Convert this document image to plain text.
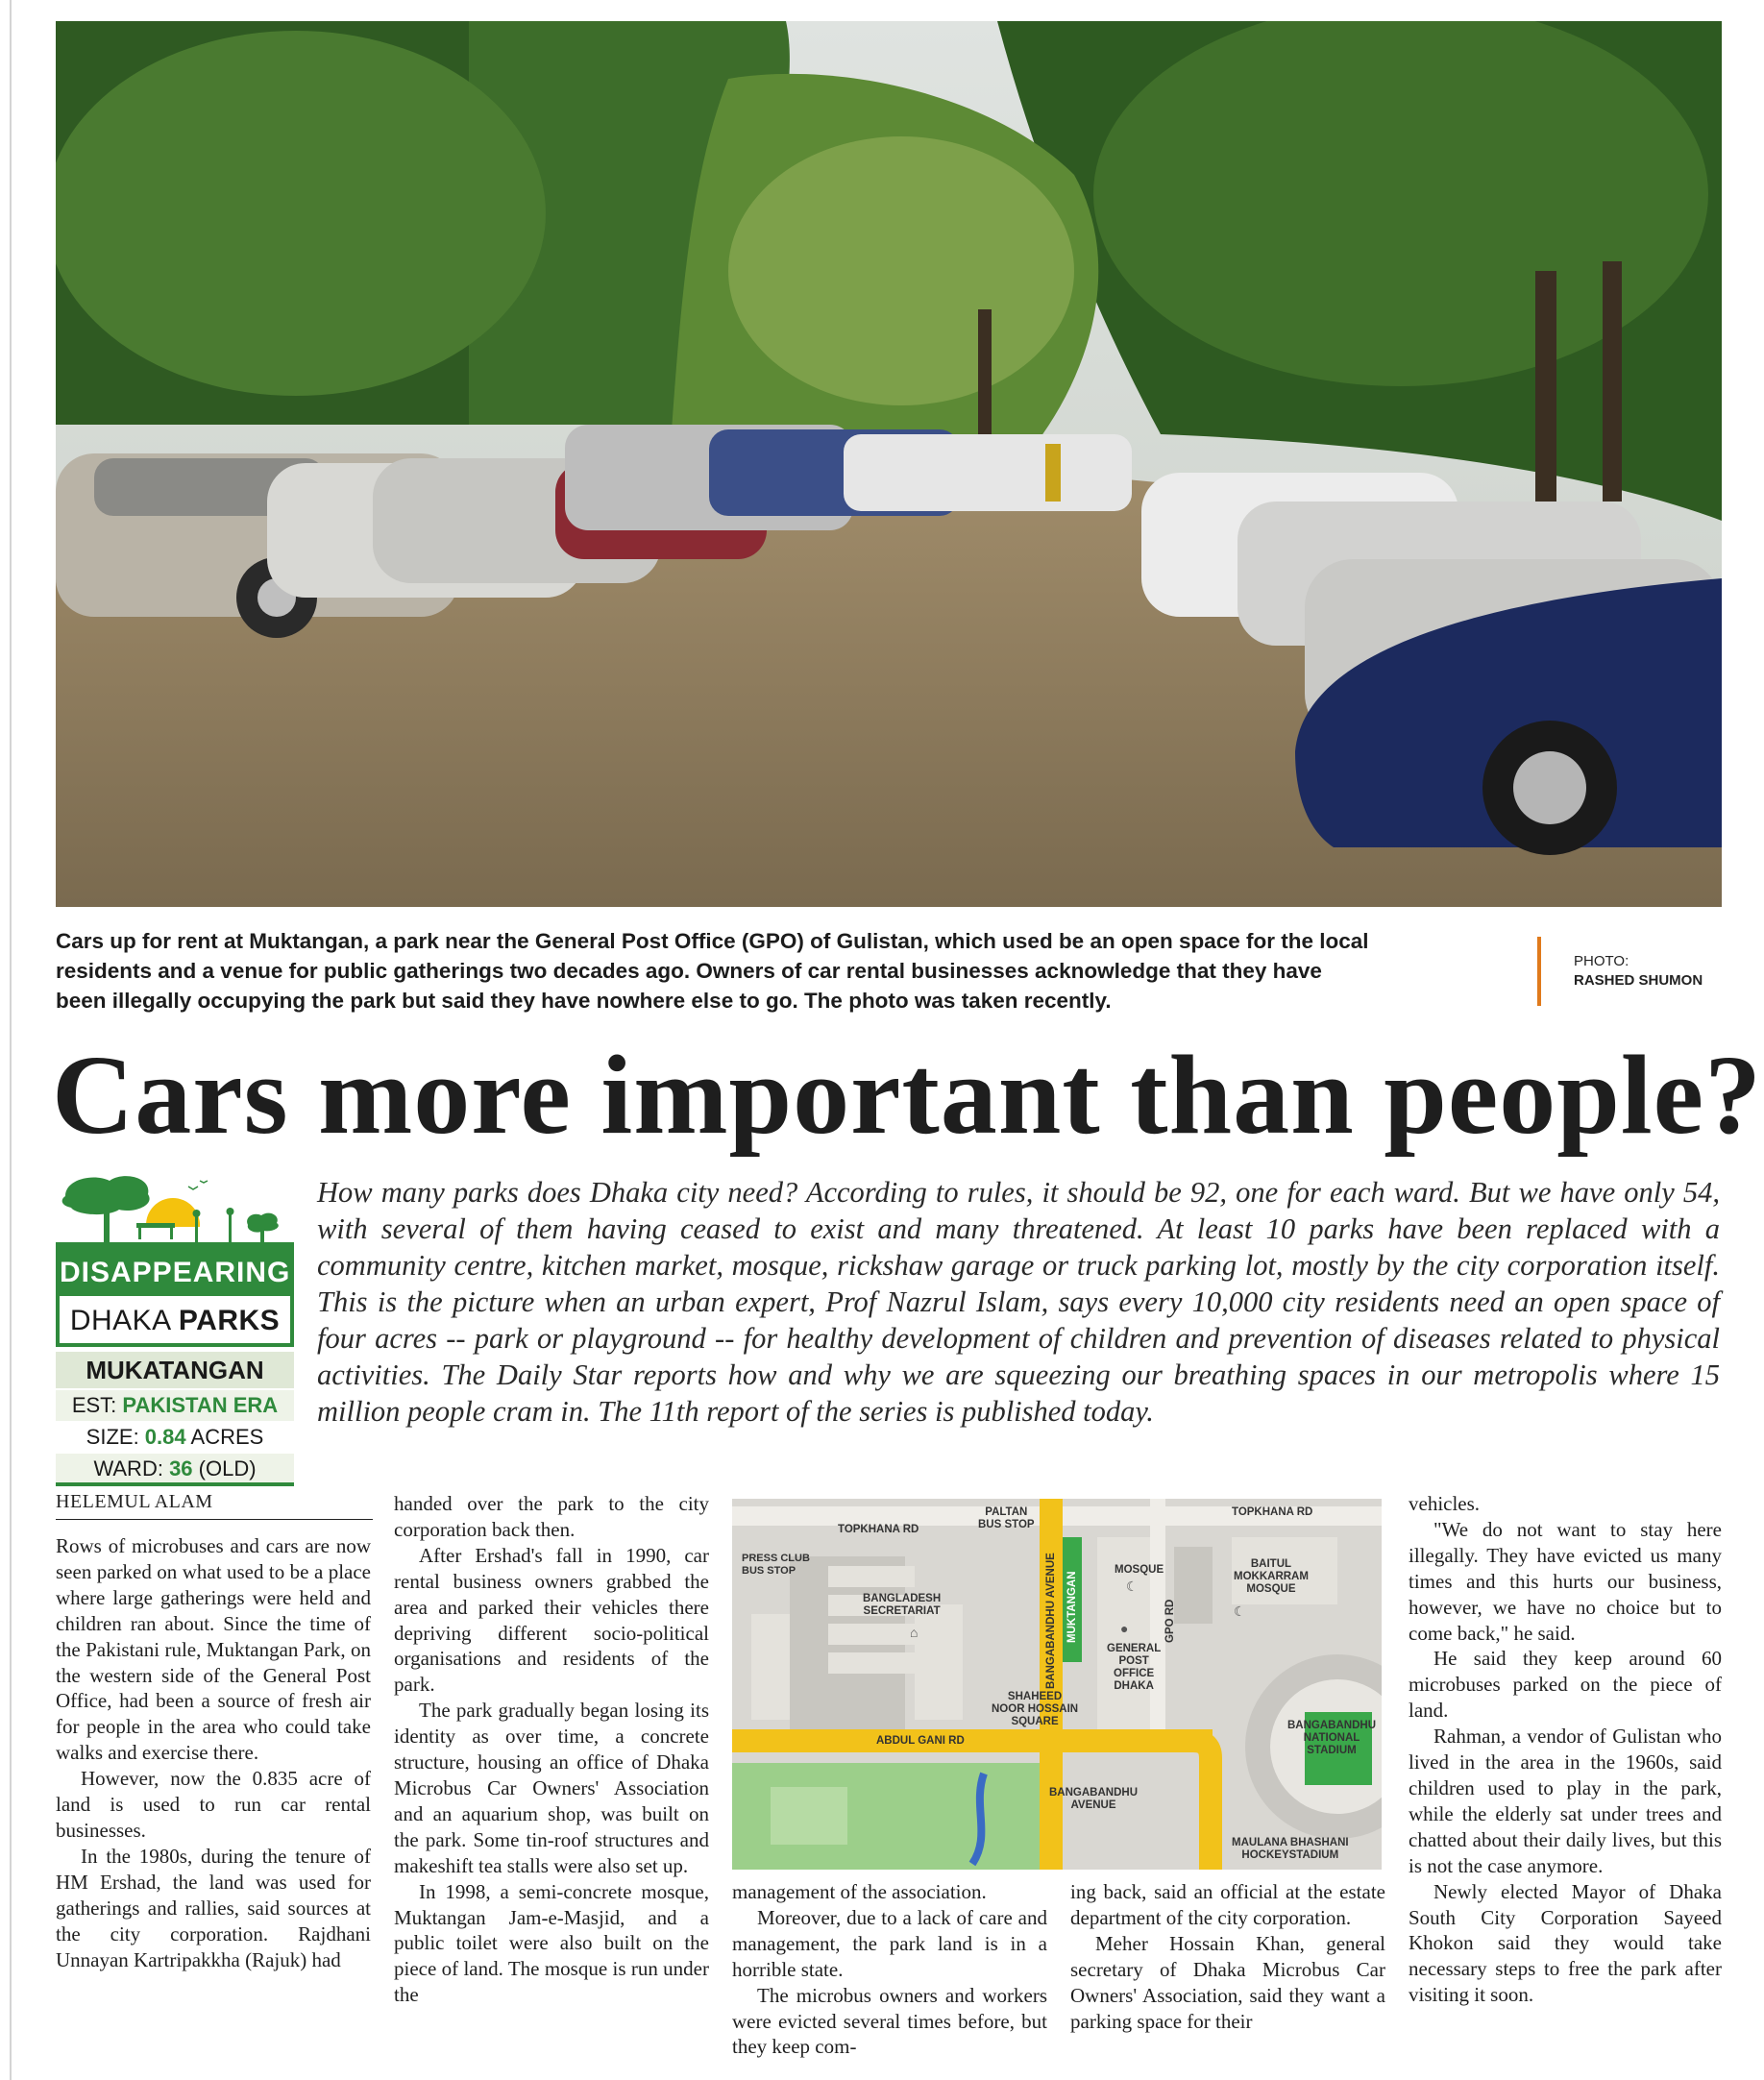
Cars up for rent at Muktangan, a park near the General Post Office (GPO) of Gulistan, which used be an open space for the local residents and a venue for public gatherings two decades ago. Owners of car rental businesses acknowledge that they have been illegally occupying the park but said they have nowhere else to go. The photo was taken recently.
PHOTO:
RASHED SHUMON
Cars more important than people?
DISAPPEARING
DHAKA PARKS
MUKATANGAN
EST: PAKISTAN ERA
SIZE: 0.84 ACRES
WARD: 36 (OLD)

How many parks does Dhaka city need? According to rules, it should be 92, one for each ward. But we have only 54, with several of them having ceased to exist and many threatened. At least 10 parks have been replaced with a community centre, kitchen market, mosque, rickshaw garage or truck parking lot, mostly by the city corporation itself. This is the picture when an urban expert, Prof Nazrul Islam, says every 10,000 city residents need an open space of four acres -- park or playground -- for healthy development of children and prevention of diseases related to physical activities. The Daily Star reports how and why we are squeezing our breathing spaces in our metropolis where 15 million people cram in. The 11th report of the series is published today.

HELEMUL ALAM

Rows of microbuses and cars are now seen parked on what used to be a place where large gatherings were held and children ran about. Since the time of the Pakistani rule, Muktangan Park, on the western side of the General Post Office, had been a source of fresh air for people in the area who could take walks and exercise there.

However, now the 0.835 acre of land is used to run car rental businesses.

In the 1980s, during the tenure of HM Ershad, the land was used for gatherings and rallies, said sources at the city corporation. Rajdhani Unnayan Kartripakkha (Rajuk) had

handed over the park to the city corporation back then.

After Ershad's fall in 1990, car rental business owners grabbed the area and parked their vehicles there depriving different socio-political organisations and residents of the park.

The park gradually began losing its identity as over time, a concrete structure, housing an office of Dhaka Microbus Car Owners' Association and an aquarium shop, was built on the park. Some tin-roof structures and makeshift tea stalls were also set up.

In 1998, a semi-concrete mosque, Muktangan Jam-e-Masjid, and a public toilet were also built on the piece of land. The mosque is run under the

TOPKHANA RD
TOPKHANA RD
PALTAN
BUS STOP
PRESS CLUB
BUS STOP
BANGLADESH
SECRETARIAT
⌂	BANGABANDHU AVENUE MUKTANGAN
MOSQUE
☾
BAITUL
MOKKARRAM
MOSQUE
☾
GPO RD
●
GENERAL
POST
OFFICE
DHAKA
SHAHEED
NOOR HOSSAIN
SQUARE
ABDUL GANI RD
BANGABANDHU
NATIONAL
STADIUM
BANGABANDHU
AVENUE
MAULANA BHASHANI
HOCKEYSTADIUM

management of the association.

Moreover, due to a lack of care and management, the park land is in a horrible state.

The microbus owners and workers were evicted several times before, but they keep com-

ing back, said an official at the estate department of the city corporation.

Meher Hossain Khan, general secretary of Dhaka Microbus Car Owners' Association, said they want a parking space for their

vehicles.

"We do not want to stay here illegally. They have evicted us many times and this hurts our business, however, we have no choice but to come back," he said.

He said they keep around 60 microbuses parked on the piece of land.

Rahman, a vendor of Gulistan who lived in the area in the 1960s, said children used to play in the park, while the elderly sat under trees and chatted about their daily lives, but this is not the case anymore.

Newly elected Mayor of Dhaka South City Corporation Sayeed Khokon said they would take necessary steps to free the park after visiting it soon.
